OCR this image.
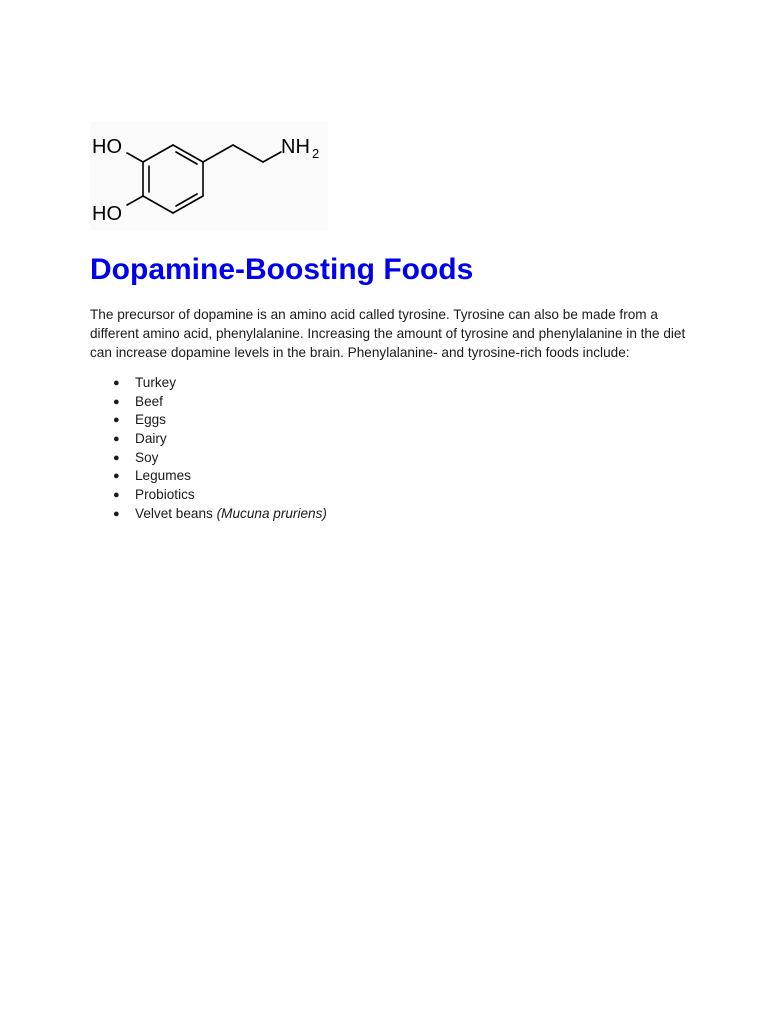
HO
HO
NH 2
Dopamine-Boosting Foods

The precursor of dopamine is an amino acid called tyrosine. Tyrosine can also be made from a different amino acid, phenylalanine. Increasing the amount of tyrosine and phenylalanine in the diet can increase dopamine levels in the brain. Phenylalanine- and tyrosine-rich foods include:

● Turkey
● Beef
● Eggs
● Dairy
● Soy
● Legumes
● Probiotics
● Velvet beans (Mucuna pruriens)
